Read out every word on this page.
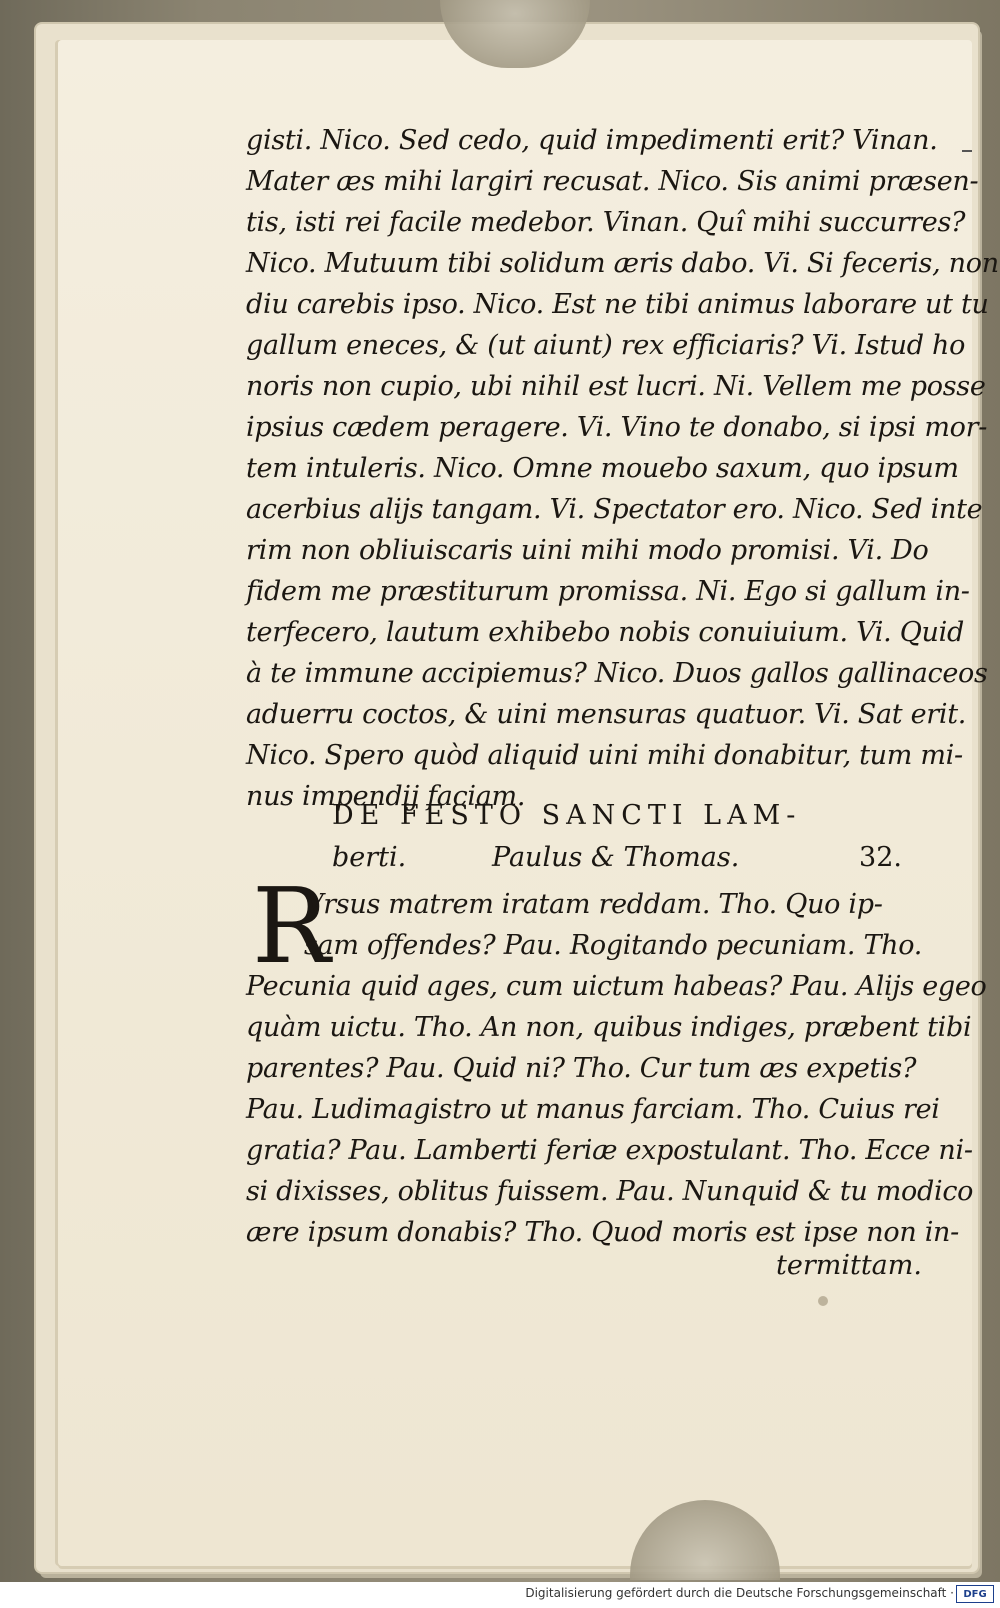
gisti. Nico. Sed cedo, quid impedimenti erit? Vinan.
Mater æs mihi largiri recusat. Nico. Sis animi præsen-
tis, isti rei facile medebor. Vinan. Quî mihi succurres?
Nico. Mutuum tibi solidum æris dabo. Vi. Si feceris, non
diu carebis ipso. Nico. Est ne tibi animus laborare ut tu
gallum eneces, & (ut aiunt) rex efficiaris? Vi. Istud ho
noris non cupio, ubi nihil est lucri. Ni. Vellem me posse
ipsius cædem peragere. Vi. Vino te donabo, si ipsi mor-
tem intuleris. Nico. Omne mouebo saxum, quo ipsum
acerbius alijs tangam. Vi. Spectator ero. Nico. Sed inte
rim non obliuiscaris uini mihi modo promisi. Vi. Do
fidem me præstiturum promissa. Ni. Ego si gallum in-
terfecero, lautum exhibebo nobis conuiuium. Vi. Quid
à te immune accipiemus? Nico. Duos gallos gallinaceos
aduerru coctos, & uini mensuras quatuor. Vi. Sat erit.
Nico. Spero quòd aliquid uini mihi donabitur, tum mi-
nus impendij faciam.
DE FESTO SANCTI LAM-
berti.	Paulus & Thomas.	32.
R
Vrsus matrem iratam reddam. Tho. Quo ip-
sam offendes? Pau. Rogitando pecuniam. Tho.
Pecunia quid ages, cum uictum habeas? Pau. Alijs egeo
quàm uictu. Tho. An non, quibus indiges, præbent tibi
parentes? Pau. Quid ni? Tho. Cur tum æs expetis?
Pau. Ludimagistro ut manus farciam. Tho. Cuius rei
gratia? Pau. Lamberti feriæ expostulant. Tho. Ecce ni-
si dixisses, oblitus fuissem. Pau. Nunquid & tu modico
ære ipsum donabis? Tho. Quod moris est ipse non in-
termittam.
Digitalisierung gefördert durch die Deutsche Forschungsgemeinschaft · DFG
